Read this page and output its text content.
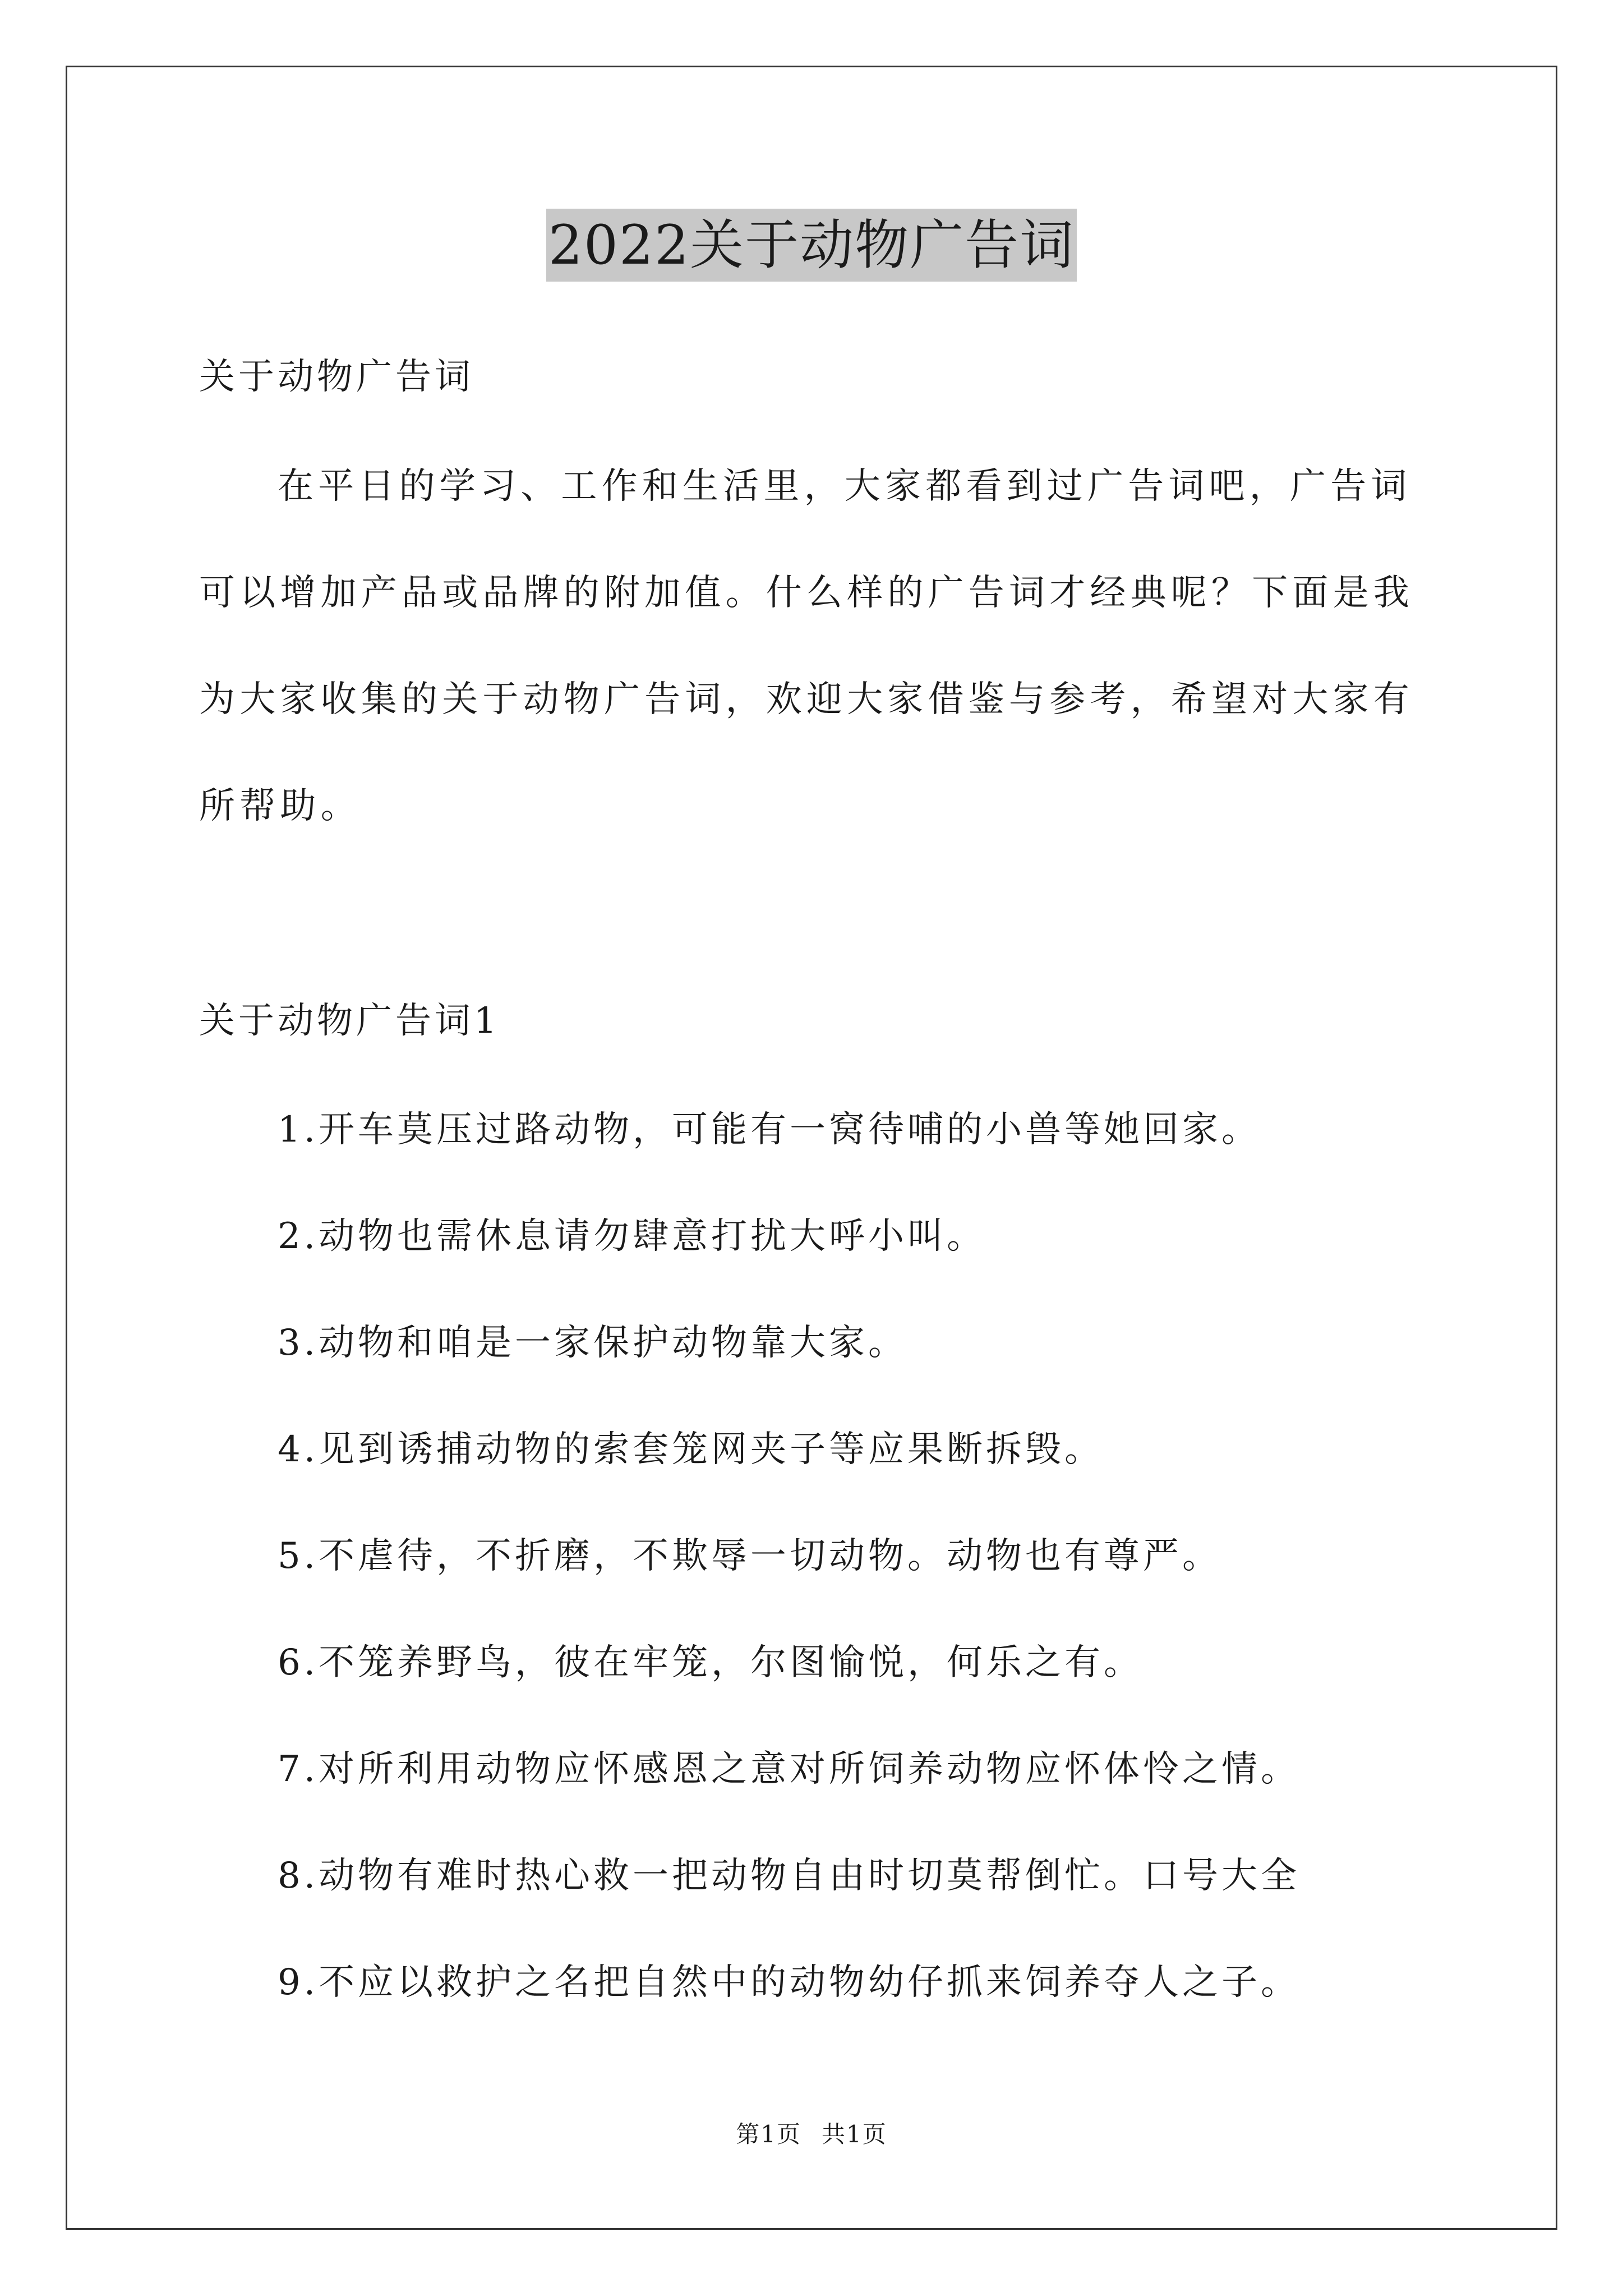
2022关于动物广告词
关于动物广告词
在平日的学习、工作和生活里，大家都看到过广告词吧，广告词
可以增加产品或品牌的附加值。什么样的广告词才经典呢？下面是我
为大家收集的关于动物广告词，欢迎大家借鉴与参考，希望对大家有
所帮助。
关于动物广告词1
1.开车莫压过路动物，可能有一窝待哺的小兽等她回家。
2.动物也需休息请勿肆意打扰大呼小叫。
3.动物和咱是一家保护动物靠大家。
4.见到诱捕动物的索套笼网夹子等应果断拆毁。
5.不虐待，不折磨，不欺辱一切动物。动物也有尊严。
6.不笼养野鸟，彼在牢笼，尔图愉悦，何乐之有。
7.对所利用动物应怀感恩之意对所饲养动物应怀体怜之情。
8.动物有难时热心救一把动物自由时切莫帮倒忙。口号大全
9.不应以救护之名把自然中的动物幼仔抓来饲养夺人之子。
第1页 共1页
